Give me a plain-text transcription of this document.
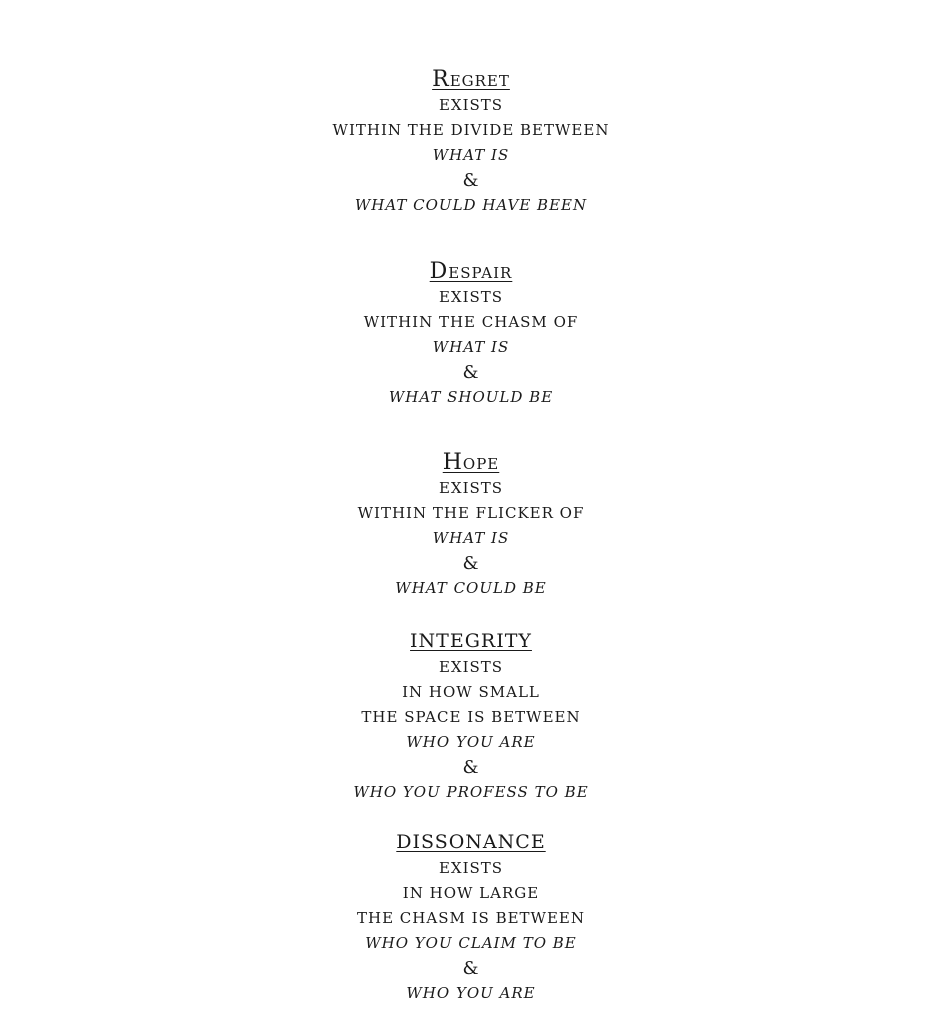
Regret
EXISTS
WITHIN THE DIVIDE BETWEEN
WHAT IS
&
WHAT COULD HAVE BEEN
Despair
EXISTS
WITHIN THE CHASM OF
WHAT IS
&
WHAT SHOULD BE
Hope
EXISTS
WITHIN THE FLICKER OF
WHAT IS
&
WHAT COULD BE
INTEGRITY
EXISTS
IN HOW SMALL
THE SPACE IS BETWEEN
WHO YOU ARE
&
WHO YOU PROFESS TO BE
DISSONANCE
EXISTS
IN HOW LARGE
THE CHASM IS BETWEEN
WHO YOU CLAIM TO BE
&
WHO YOU ARE
